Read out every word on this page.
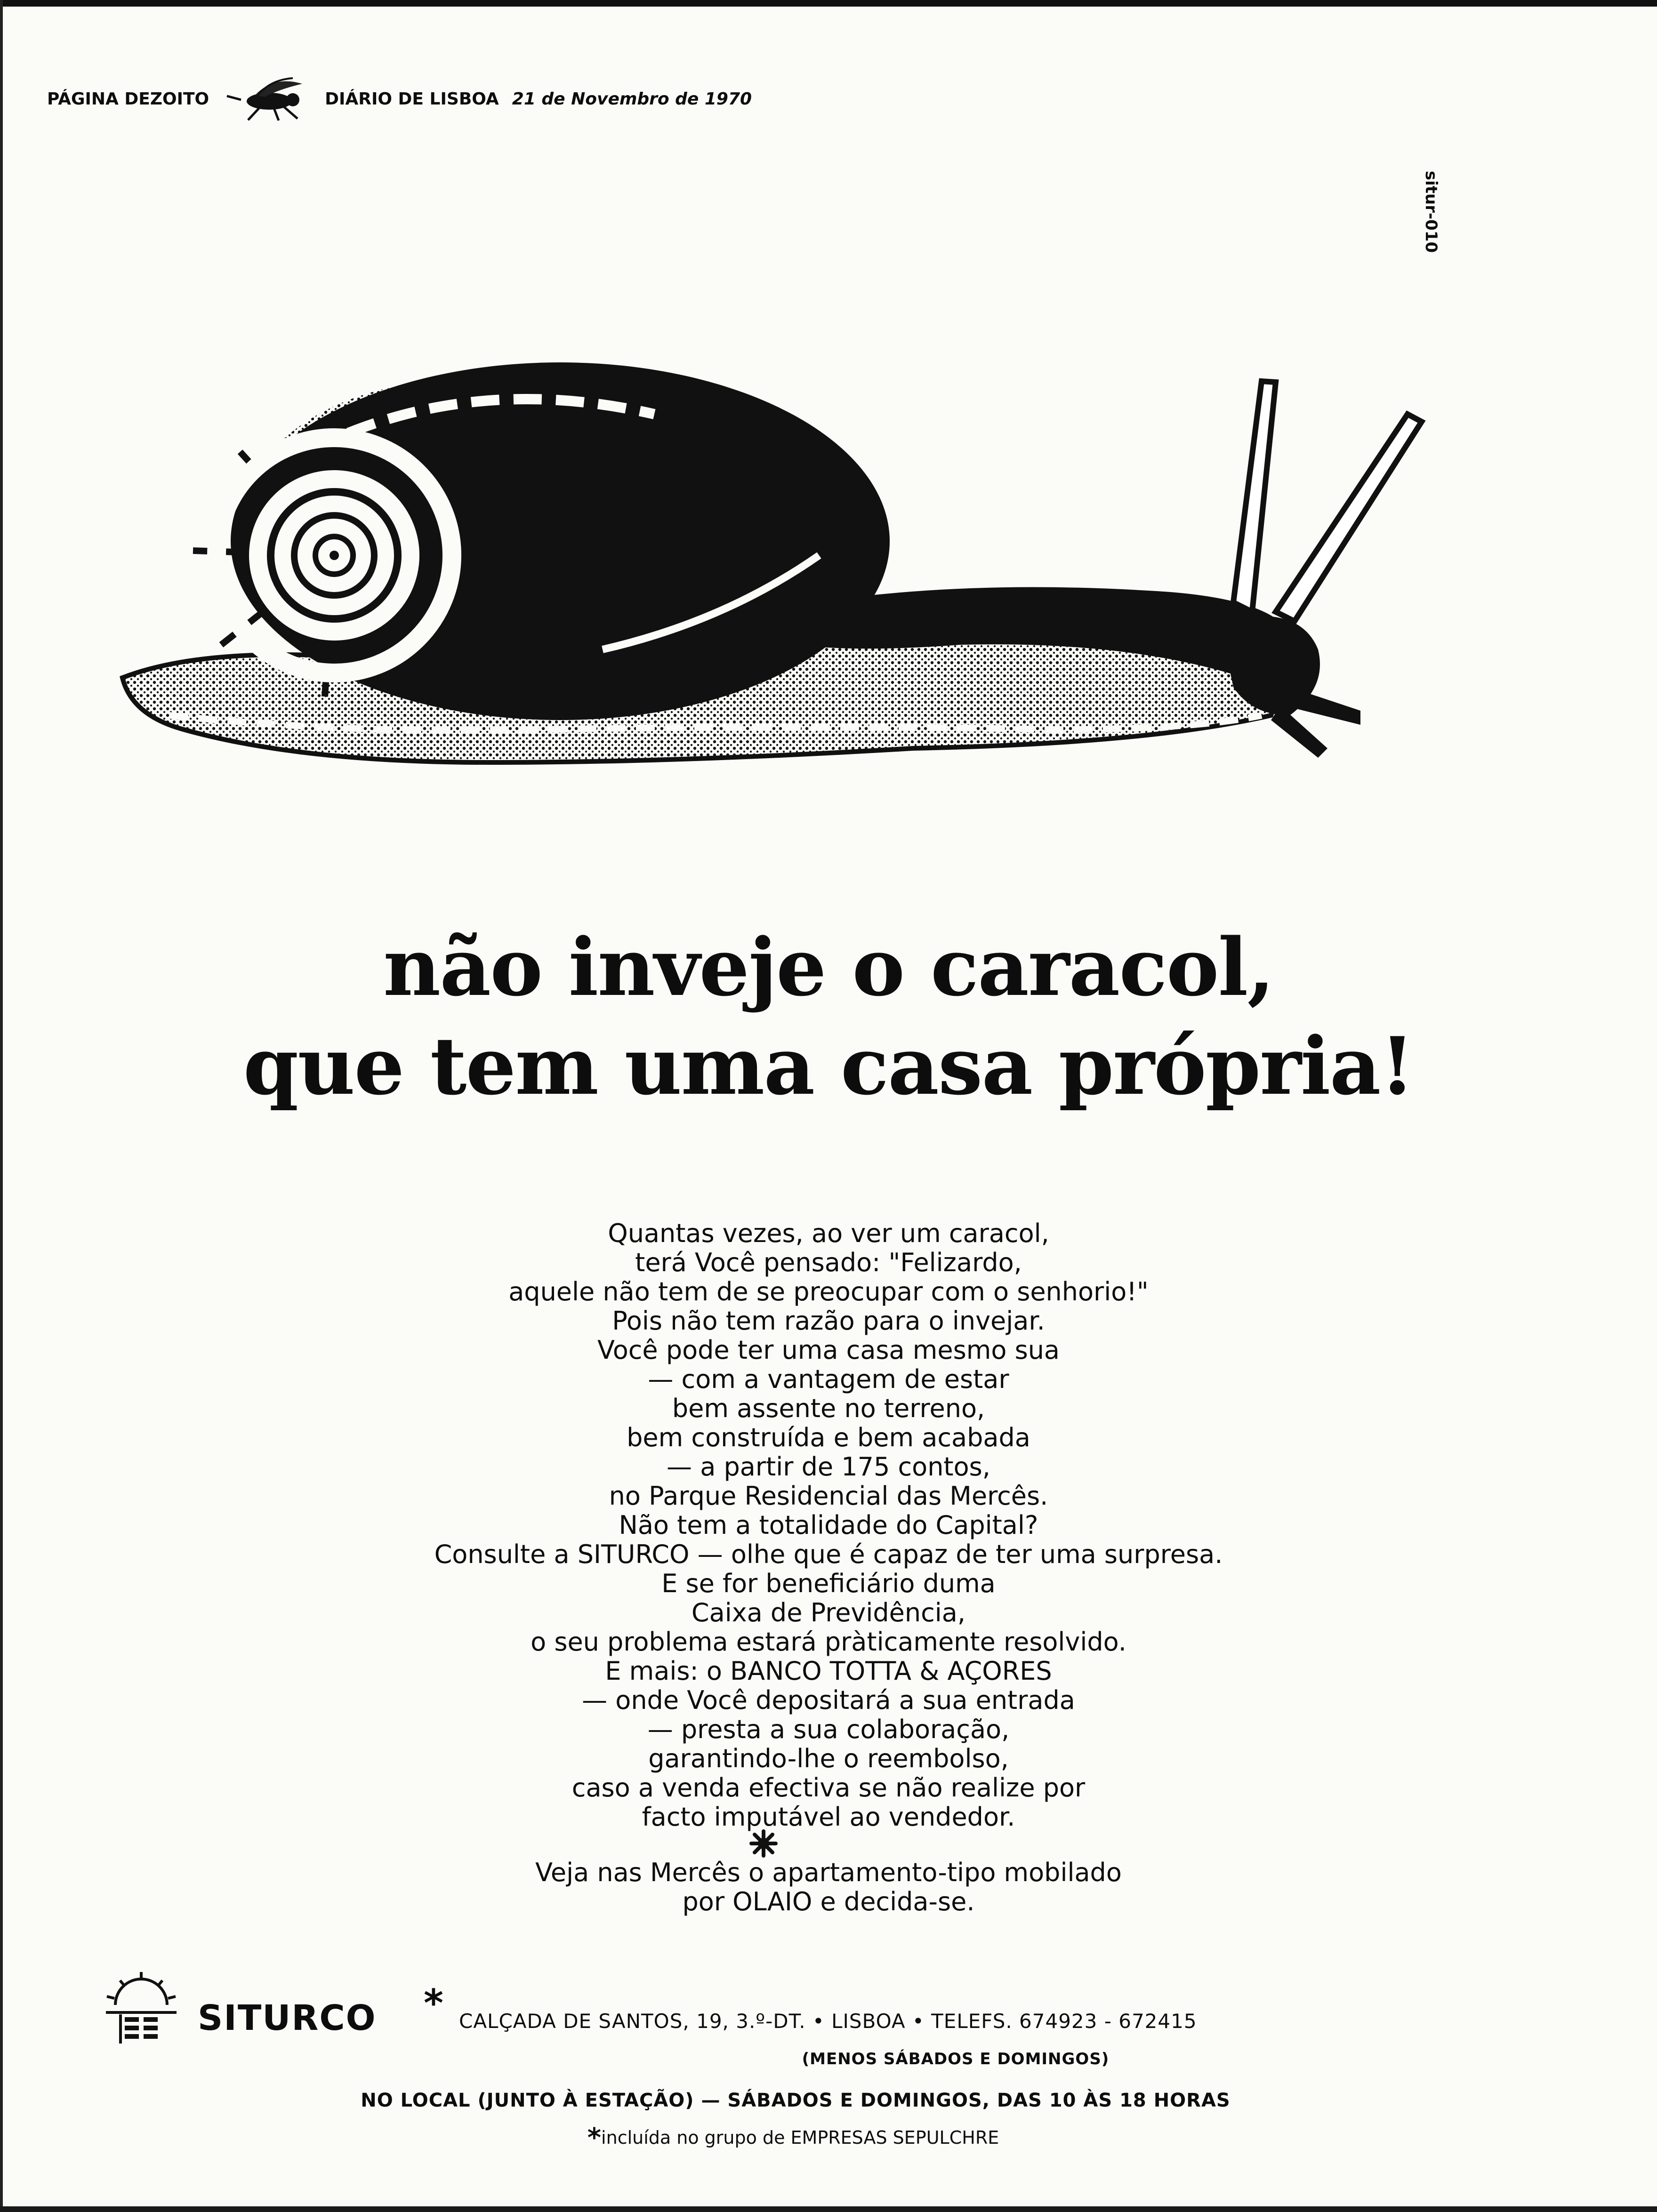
PÁGINA DEZOITO	DIÁRIO DE LISBOA 21 de Novembro de 1970
situr-010
não inveje o caracol,
que tem uma casa própria!
Quantas vezes, ao ver um caracol,
terá Você pensado: "Felizardo,
aquele não tem de se preocupar com o senhorio!"
Pois não tem razão para o invejar.
Você pode ter uma casa mesmo sua
— com a vantagem de estar
bem assente no terreno,
bem construída e bem acabada
— a partir de 175 contos,
no Parque Residencial das Mercês.
Não tem a totalidade do Capital?
Consulte a SITURCO — olhe que é capaz de ter uma surpresa.
E se for beneficiário duma
Caixa de Previdência,
o seu problema estará pràticamente resolvido.
E mais: o BANCO TOTTA & AÇORES
— onde Você depositará a sua entrada
— presta a sua colaboração,
garantindo-lhe o reembolso,
caso a venda efectiva se não realize por
facto imputável ao vendedor.
Veja nas Mercês o apartamento-tipo mobilado
por OLAIO e decida-se.
SITURCO * CALÇADA DE SANTOS, 19, 3.º-DT. • LISBOA • TELEFS. 674923 - 672415
(MENOS SÁBADOS E DOMINGOS)
NO LOCAL (JUNTO À ESTAÇÃO) — SÁBADOS E DOMINGOS, DAS 10 ÀS 18 HORAS
*incluída no grupo de EMPRESAS SEPULCHRE
